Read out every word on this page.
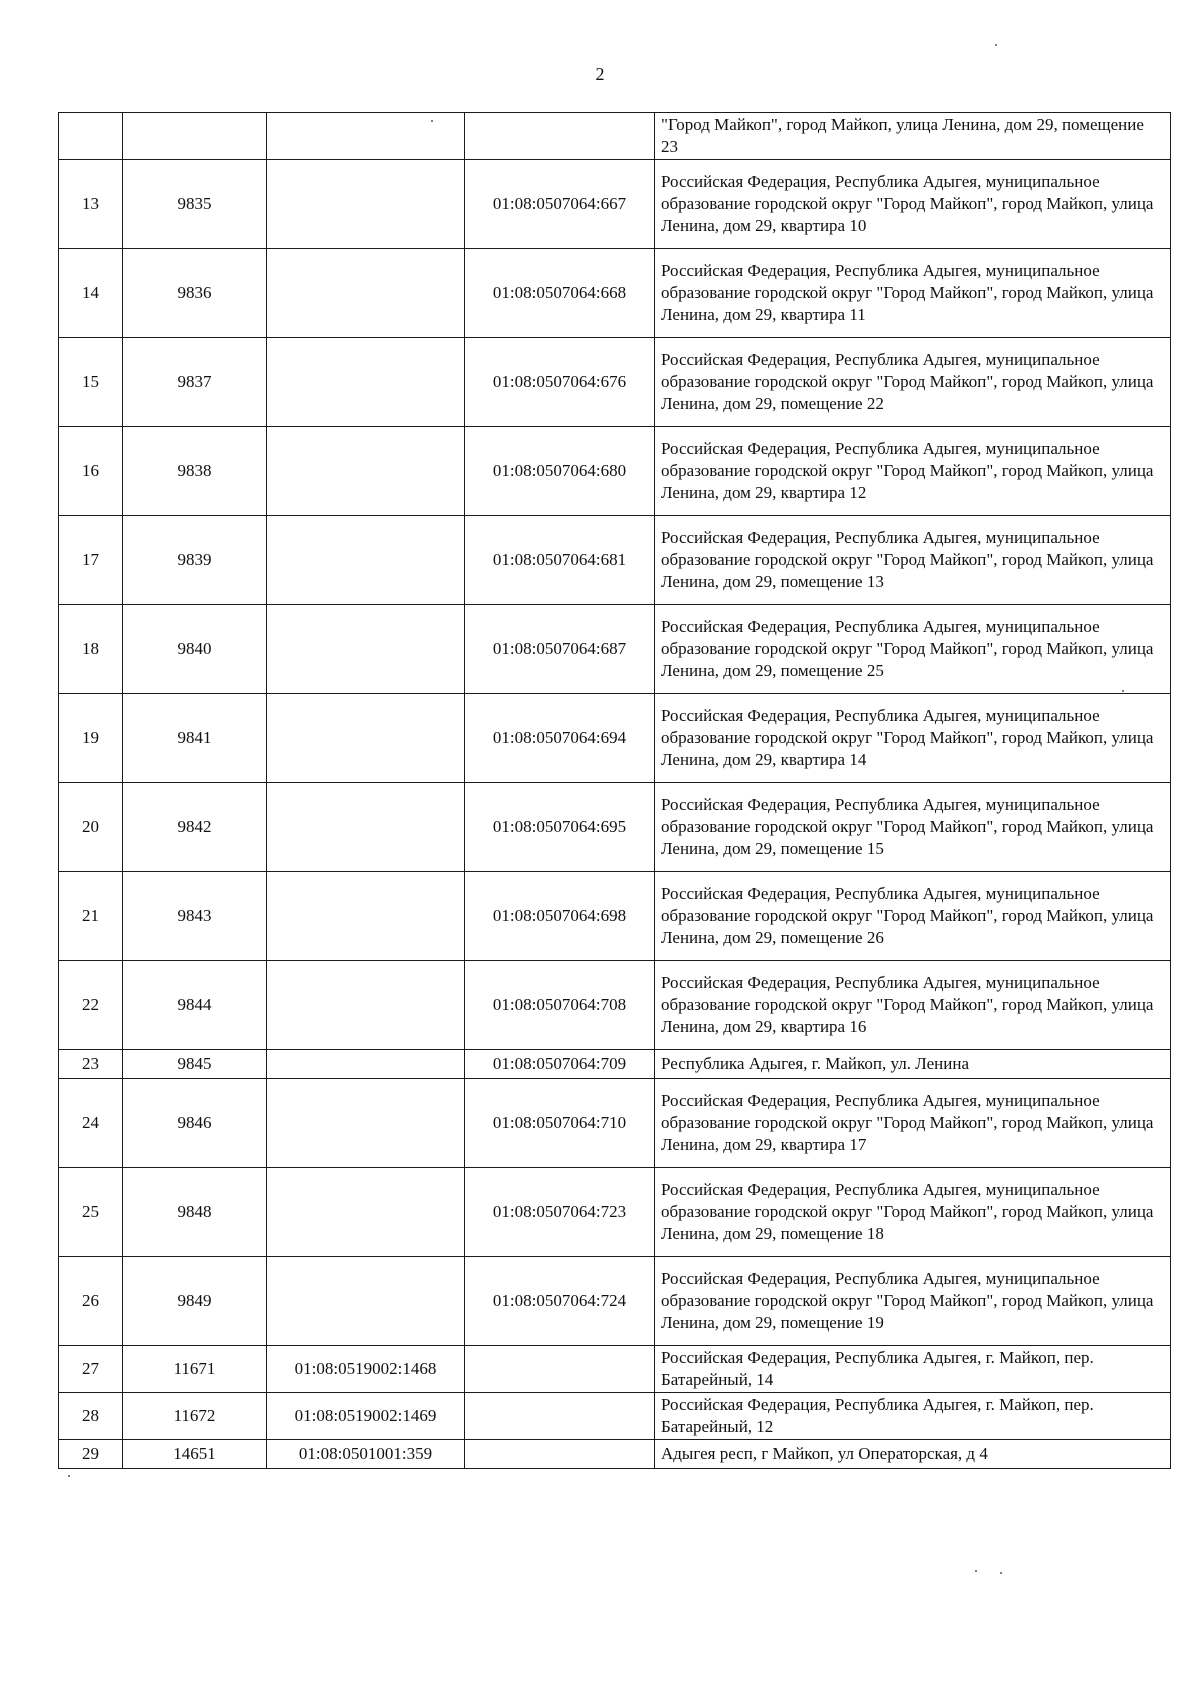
2
				"Город Майкоп", город Майкоп, улица Ленина, дом 29, помещение 23
13	9835		01:08:0507064:667	Российская Федерация, Республика Адыгея, муниципальное образование городской округ "Город Майкоп", город Майкоп, улица Ленина, дом 29, квартира 10
14	9836		01:08:0507064:668	Российская Федерация, Республика Адыгея, муниципальное образование городской округ "Город Майкоп", город Майкоп, улица Ленина, дом 29, квартира 11
15	9837		01:08:0507064:676	Российская Федерация, Республика Адыгея, муниципальное образование городской округ "Город Майкоп", город Майкоп, улица Ленина, дом 29, помещение 22
16	9838		01:08:0507064:680	Российская Федерация, Республика Адыгея, муниципальное образование городской округ "Город Майкоп", город Майкоп, улица Ленина, дом 29, квартира 12
17	9839		01:08:0507064:681	Российская Федерация, Республика Адыгея, муниципальное образование городской округ "Город Майкоп", город Майкоп, улица Ленина, дом 29, помещение 13
18	9840		01:08:0507064:687	Российская Федерация, Республика Адыгея, муниципальное образование городской округ "Город Майкоп", город Майкоп, улица Ленина, дом 29, помещение 25
19	9841		01:08:0507064:694	Российская Федерация, Республика Адыгея, муниципальное образование городской округ "Город Майкоп", город Майкоп, улица Ленина, дом 29, квартира 14
20	9842		01:08:0507064:695	Российская Федерация, Республика Адыгея, муниципальное образование городской округ "Город Майкоп", город Майкоп, улица Ленина, дом 29, помещение 15
21	9843		01:08:0507064:698	Российская Федерация, Республика Адыгея, муниципальное образование городской округ "Город Майкоп", город Майкоп, улица Ленина, дом 29, помещение 26
22	9844		01:08:0507064:708	Российская Федерация, Республика Адыгея, муниципальное образование городской округ "Город Майкоп", город Майкоп, улица Ленина, дом 29, квартира 16
23	9845		01:08:0507064:709	Республика Адыгея, г. Майкоп, ул. Ленина
24	9846		01:08:0507064:710	Российская Федерация, Республика Адыгея, муниципальное образование городской округ "Город Майкоп", город Майкоп, улица Ленина, дом 29, квартира 17
25	9848		01:08:0507064:723	Российская Федерация, Республика Адыгея, муниципальное образование городской округ "Город Майкоп", город Майкоп, улица Ленина, дом 29, помещение 18
26	9849		01:08:0507064:724	Российская Федерация, Республика Адыгея, муниципальное образование городской округ "Город Майкоп", город Майкоп, улица Ленина, дом 29, помещение 19
27	11671	01:08:0519002:1468		Российская Федерация, Республика Адыгея, г. Майкоп, пер. Батарейный, 14
28	11672	01:08:0519002:1469		Российская Федерация, Республика Адыгея, г. Майкоп, пер. Батарейный, 12
29	14651	01:08:0501001:359		Адыгея респ, г Майкоп, ул Операторская, д 4
